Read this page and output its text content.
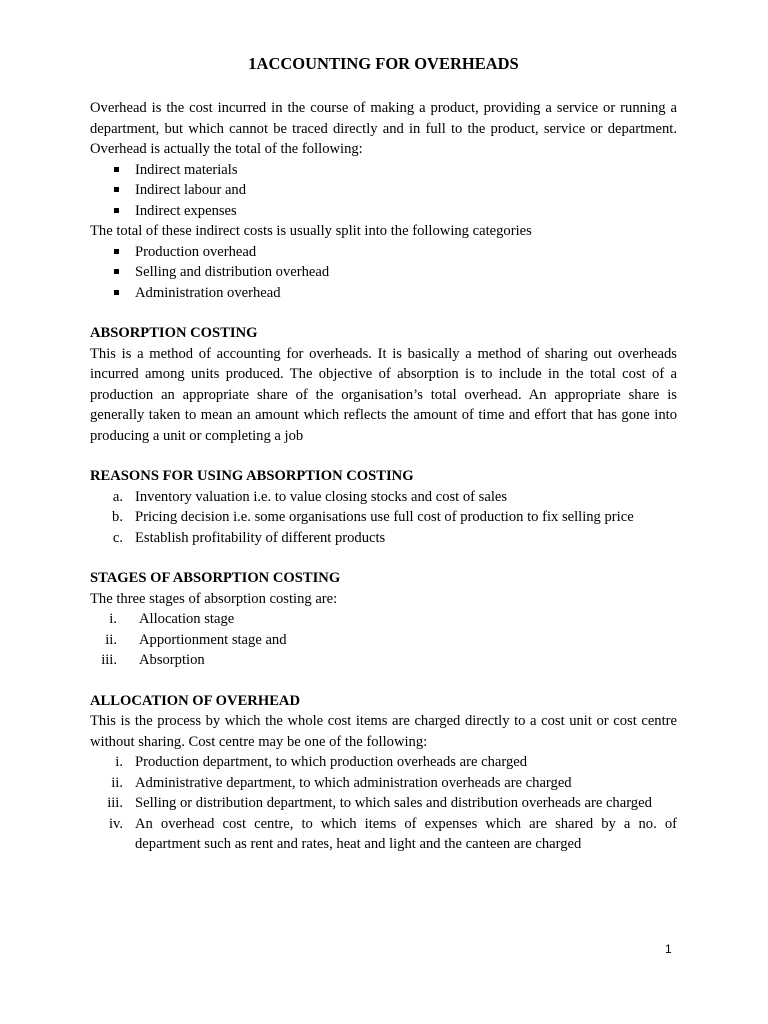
1ACCOUNTING FOR OVERHEADS

Overhead is the cost incurred in the course of making a product, providing a service or running a department, but which cannot be traced directly and in full to the product, service or department. Overhead is actually the total of the following:

Indirect materials
Indirect labour and
Indirect expenses

The total of these indirect costs is usually split into the following categories

Production overhead
Selling and distribution overhead
Administration overhead
ABSORPTION COSTING

This is a method of accounting for overheads. It is basically a method of sharing out overheads incurred among units produced. The objective of absorption is to include in the total cost of a production an appropriate share of the organisation’s total overhead. An appropriate share is generally taken to mean an amount which reflects the amount of time and effort that has gone into producing a unit or completing a job

REASONS FOR USING ABSORPTION COSTING
a. Inventory valuation i.e. to value closing stocks and cost of sales
b. Pricing decision i.e. some organisations use full cost of production to fix selling price
c. Establish profitability of different products
STAGES OF ABSORPTION COSTING

The three stages of absorption costing are:

i. Allocation stage
ii. Apportionment stage and
iii. Absorption
ALLOCATION OF OVERHEAD

This is the process by which the whole cost items are charged directly to a cost unit or cost centre without sharing. Cost centre may be one of the following:

i. Production department, to which production overheads are charged
ii. Administrative department, to which administration overheads are charged
iii. Selling or distribution department, to which sales and distribution overheads are charged
iv. An overhead cost centre, to which items of expenses which are shared by a no. of department such as rent and rates, heat and light and the canteen are charged
1
